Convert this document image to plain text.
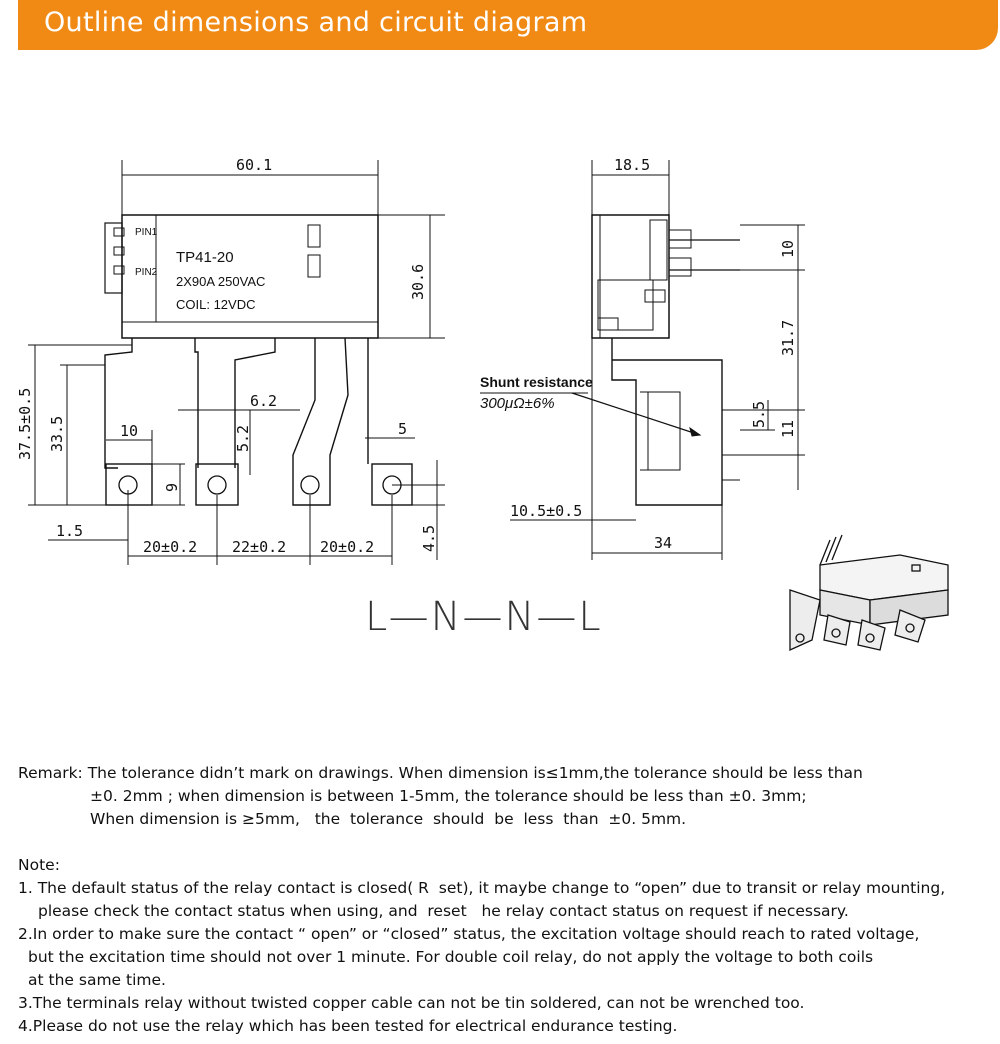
Outline dimensions and circuit diagram
PIN1
PIN2
TP41-20
2X90A 250VAC
COIL: 12VDC
60.1
30.6
37.5±0.5 33.5	10
6.2
5.2	5
9
1.5
20±0.2 22±0.2 20±0.2	4.5
18.5
10
31.7
5.5
11
10.5±0.5
34
Shunt resistance
300μΩ±6%
L—N—N—L
Remark: The tolerance didn’t mark on drawings. When dimension is≤1mm,the tolerance should be less than
±0. 2mm ; when dimension is between 1-5mm, the tolerance should be less than ±0. 3mm;
When dimension is ≥5mm,   the  tolerance  should  be  less  than  ±0. 5mm.
Note:
1. The default status of the relay contact is closed( R  set), it maybe change to “open” due to transit or relay mounting,
please check the contact status when using, and  reset   he relay contact status on request if necessary.
2.In order to make sure the contact “ open” or “closed” status, the excitation voltage should reach to rated voltage,
but the excitation time should not over 1 minute. For double coil relay, do not apply the voltage to both coils
at the same time.
3.The terminals relay without twisted copper cable can not be tin soldered, can not be wrenched too.
4.Please do not use the relay which has been tested for electrical endurance testing.
